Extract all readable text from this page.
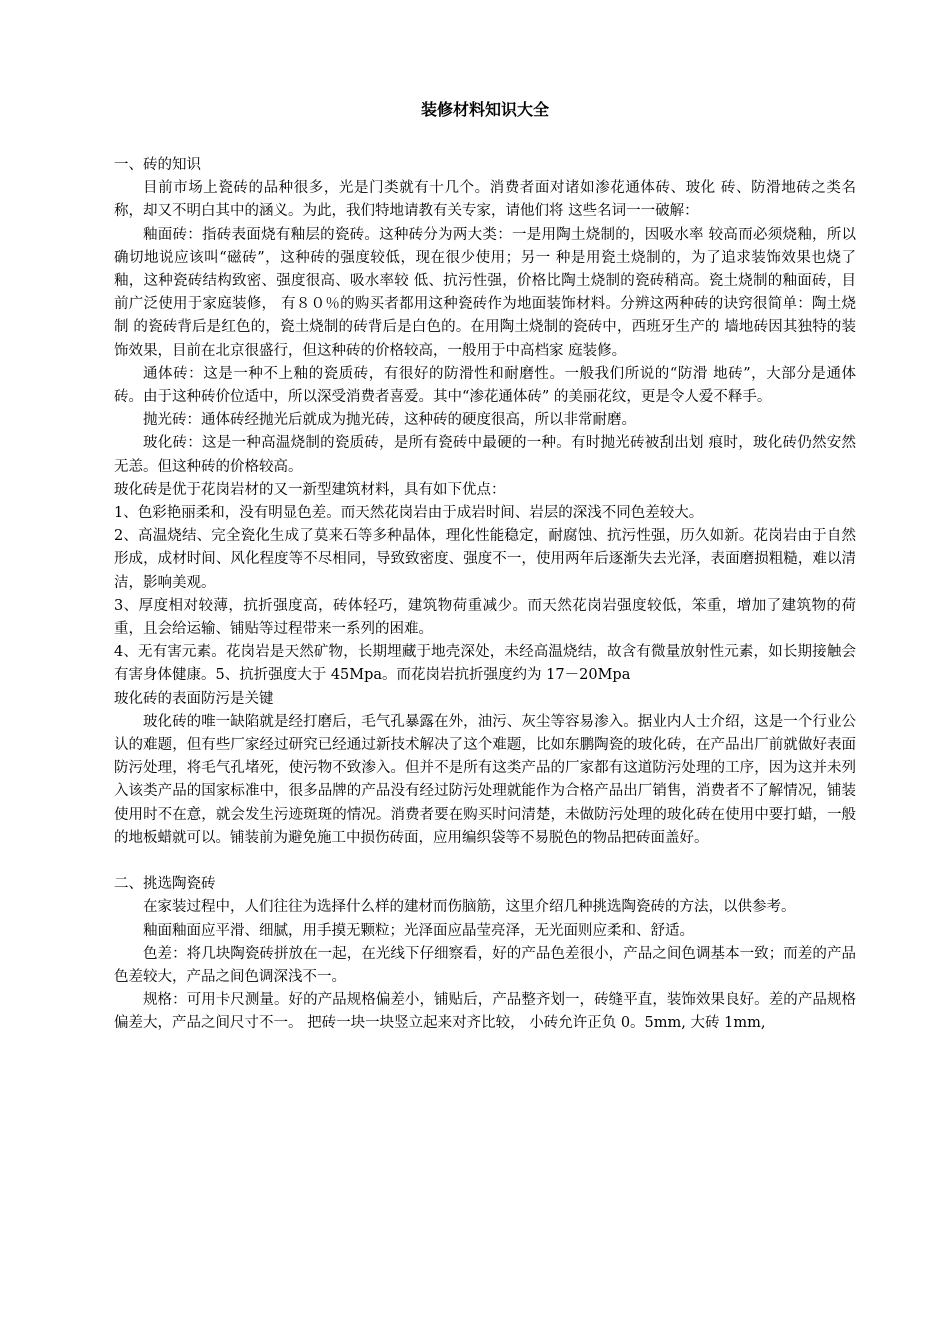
装修材料知识大全

一、砖的知识

目前市场上瓷砖的品种很多，光是门类就有十几个。消费者面对诸如渗花通体砖、玻化 砖、防滑地砖之类名称，却又不明白其中的涵义。为此，我们特地请教有关专家，请他们将 这些名词一一破解：

釉面砖：指砖表面烧有釉层的瓷砖。这种砖分为两大类：一是用陶土烧制的，因吸水率 较高而必须烧釉，所以确切地说应该叫“磁砖”，这种砖的强度较低，现在很少使用；另一 种是用瓷土烧制的，为了追求装饰效果也烧了釉，这种瓷砖结构致密、强度很高、吸水率较 低、抗污性强，价格比陶土烧制的瓷砖稍高。瓷土烧制的釉面砖，目前广泛使用于家庭装修， 有８０％的购买者都用这种瓷砖作为地面装饰材料。分辨这两种砖的诀窍很简单：陶土烧制 的瓷砖背后是红色的，瓷土烧制的砖背后是白色的。在用陶土烧制的瓷砖中，西班牙生产的 墙地砖因其独特的装饰效果，目前在北京很盛行，但这种砖的价格较高，一般用于中高档家 庭装修。

通体砖：这是一种不上釉的瓷质砖，有很好的防滑性和耐磨性。一般我们所说的“防滑 地砖”，大部分是通体砖。由于这种砖价位适中，所以深受消费者喜爱。其中“渗花通体砖” 的美丽花纹，更是令人爱不释手。

抛光砖：通体砖经抛光后就成为抛光砖，这种砖的硬度很高，所以非常耐磨。

玻化砖：这是一种高温烧制的瓷质砖，是所有瓷砖中最硬的一种。有时抛光砖被刮出划 痕时，玻化砖仍然安然无恙。但这种砖的价格较高。

玻化砖是优于花岗岩材的又一新型建筑材料，具有如下优点：

1、色彩艳丽柔和，没有明显色差。而天然花岗岩由于成岩时间、岩层的深浅不同色差较大。

2、高温烧结、完全瓷化生成了莫来石等多种晶体，理化性能稳定，耐腐蚀、抗污性强，历久如新。花岗岩由于自然形成，成材时间、风化程度等不尽相同，导致致密度、强度不一，使用两年后逐渐失去光泽，表面磨损粗糙，难以清洁，影响美观。

3、厚度相对较薄，抗折强度高，砖体轻巧，建筑物荷重减少。而天然花岗岩强度较低，笨重，增加了建筑物的荷重，且会给运输、铺贴等过程带来一系列的困难。

4、无有害元素。花岗岩是天然矿物，长期埋藏于地壳深处，未经高温烧结，故含有微量放射性元素，如长期接触会有害身体健康。5、抗折强度大于 45Mpa。而花岗岩抗折强度约为 17－20Mpa

玻化砖的表面防污是关键

玻化砖的唯一缺陷就是经打磨后，毛气孔暴露在外，油污、灰尘等容易渗入。据业内人士介绍，这是一个行业公认的难题，但有些厂家经过研究已经通过新技术解决了这个难题，比如东鹏陶瓷的玻化砖，在产品出厂前就做好表面防污处理，将毛气孔堵死，使污物不致渗入。但并不是所有这类产品的厂家都有这道防污处理的工序，因为这并未列入该类产品的国家标准中，很多品牌的产品没有经过防污处理就能作为合格产品出厂销售，消费者不了解情况，铺装使用时不在意，就会发生污迹斑斑的情况。消费者要在购买时问清楚，未做防污处理的玻化砖在使用中要打蜡，一般的地板蜡就可以。铺装前为避免施工中损伤砖面，应用编织袋等不易脱色的物品把砖面盖好。

二、挑选陶瓷砖

在家装过程中，人们往往为选择什么样的建材而伤脑筋，这里介绍几种挑选陶瓷砖的方法，以供参考。

釉面釉面应平滑、细腻，用手摸无颗粒；光泽面应晶莹亮泽，无光面则应柔和、舒适。

色差：将几块陶瓷砖拼放在一起，在光线下仔细察看，好的产品色差很小，产品之间色调基本一致；而差的产品色差较大，产品之间色调深浅不一。

规格：可用卡尺测量。好的产品规格偏差小，铺贴后，产品整齐划一，砖缝平直，装饰效果良好。差的产品规格偏差大，产品之间尺寸不一。 把砖一块一块竖立起来对齐比较， 小砖允许正负 0。5mm, 大砖 1mm,
